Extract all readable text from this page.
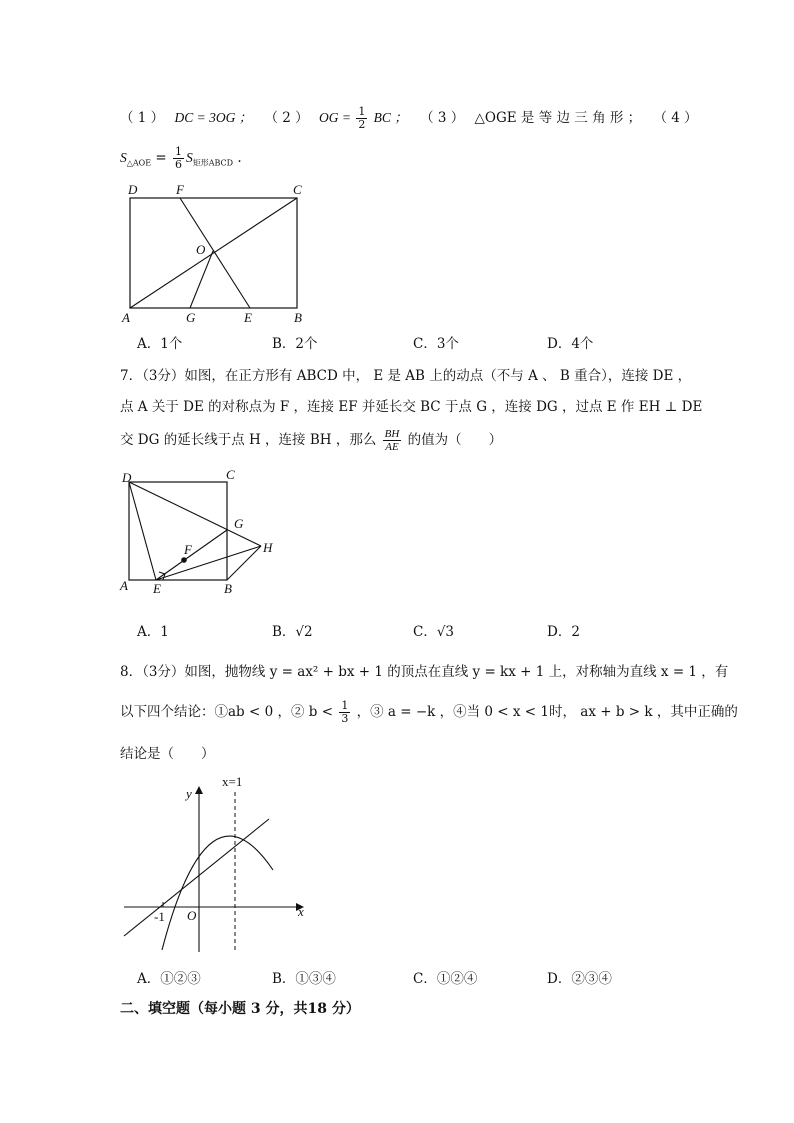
（ 1 ） DC = 3OG ； （ 2 ） OG = $\frac{1}{2}$ BC ； （ 3 ） △OGE 是 等 边 三 角 形 ； （ 4 ）
$S_{\triangle AOE} = \frac{1}{6} S_{矩形ABCD}$ .
D	F	C
O
A	G	E	B
A．1个	B．2个	C．3个	D．4个
7．（3分）如图，在正方形有 ABCD 中， E 是 AB 上的动点（不与 A 、 B 重合），连接 DE ，
点 A 关于 DE 的对称点为 F ，连接 EF 并延长交 BC 于点 G ，连接 DG ，过点 E 作 EH ⊥ DE
交 DG 的延长线于点 H ，连接 BH ，那么 $\frac{BH}{AE}$ 的值为（　　）
D	C
G
F	H
A E	B
A．1	B．√2	C．√3	D．2
8．（3分）如图，抛物线 y = ax² + bx + 1 的顶点在直线 y = kx + 1 上，对称轴为直线 x = 1 ，有
以下四个结论：①ab < 0 ，② $b < \frac{1}{3}$ ，③ a = −k ，④当 0 < x < 1时， ax + b > k ，其中正确的
结论是（　　）
x=1
y
x
-1 O
A．①②③	B．①③④	C．①②④	D．②③④
二、填空题（每小题 3 分，共18 分）
